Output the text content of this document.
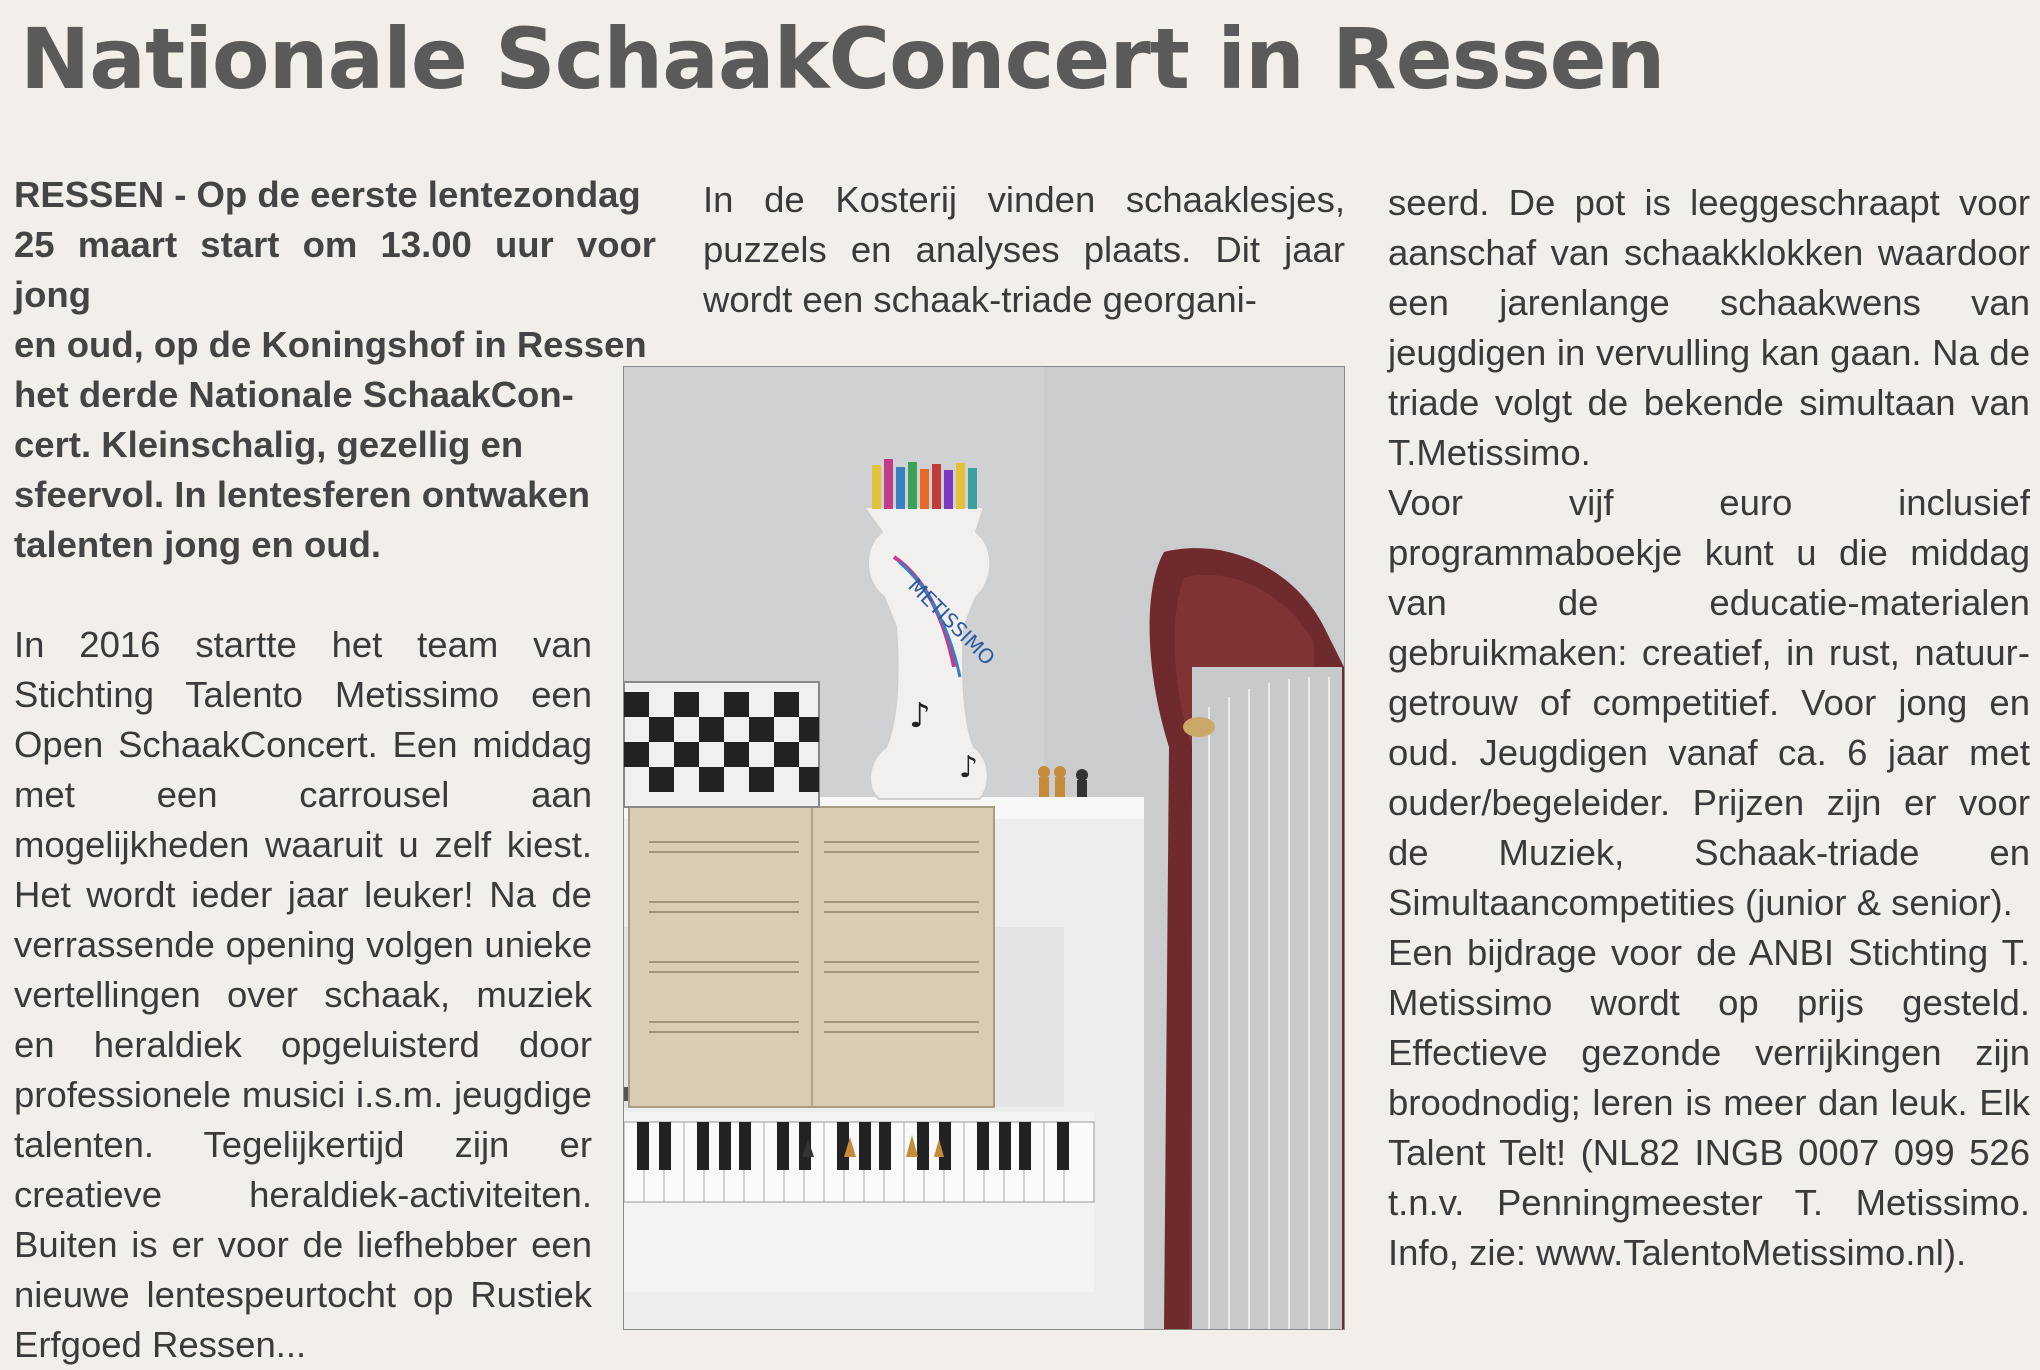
Nationale SchaakConcert in Ressen

RESSEN - Op de eerste lentezondag

25 maart start om 13.00 uur voor jong

en oud, op de Koningshof in Ressen

het derde Nationale SchaakCon-

cert. Kleinschalig, gezellig en

sfeervol. In lentesferen ontwaken

talenten jong en oud.

In 2016 startte het team van Stichting Talento Metissimo een Open SchaakConcert. Een middag met een carrousel aan mogelijkheden waaruit u zelf kiest. Het wordt ieder jaar leuker! Na de verrassende opening volgen unieke vertellingen over schaak, muziek en heraldiek opgeluisterd door professionele musici i.s.m. jeugdige talenten. Tegelijkertijd zijn er creatieve heraldiek-activiteiten. Buiten is er voor de liefhebber een nieuwe lentespeurtocht op Rustiek Erfgoed Ressen...

In de Kosterij vinden schaaklesjes, puzzels en analyses plaats. Dit jaar wordt een schaak-triade georgani-

seerd. De pot is leeggeschraapt voor aanschaf van schaakklokken waardoor een jarenlange schaakwens van jeugdigen in vervulling kan gaan. Na de triade volgt de bekende simultaan van T.Metissimo.

Voor vijf euro inclusief programmaboekje kunt u die middag van de educatie-materialen gebruikmaken: creatief, in rust, natuur-getrouw of competitief. Voor jong en oud. Jeugdigen vanaf ca. 6 jaar met ouder/begeleider. Prijzen zijn er voor de Muziek, Schaak-triade en Simultaancompetities (junior & senior).

Een bijdrage voor de ANBI Stichting T. Metissimo wordt op prijs gesteld. Effectieve gezonde verrijkingen zijn broodnodig; leren is meer dan leuk. Elk Talent Telt! (NL82 INGB 0007 099 526 t.n.v. Penningmeester T. Metissimo. Info, zie: www.TalentoMetissimo.nl).

METISSIMO
♪
♪
